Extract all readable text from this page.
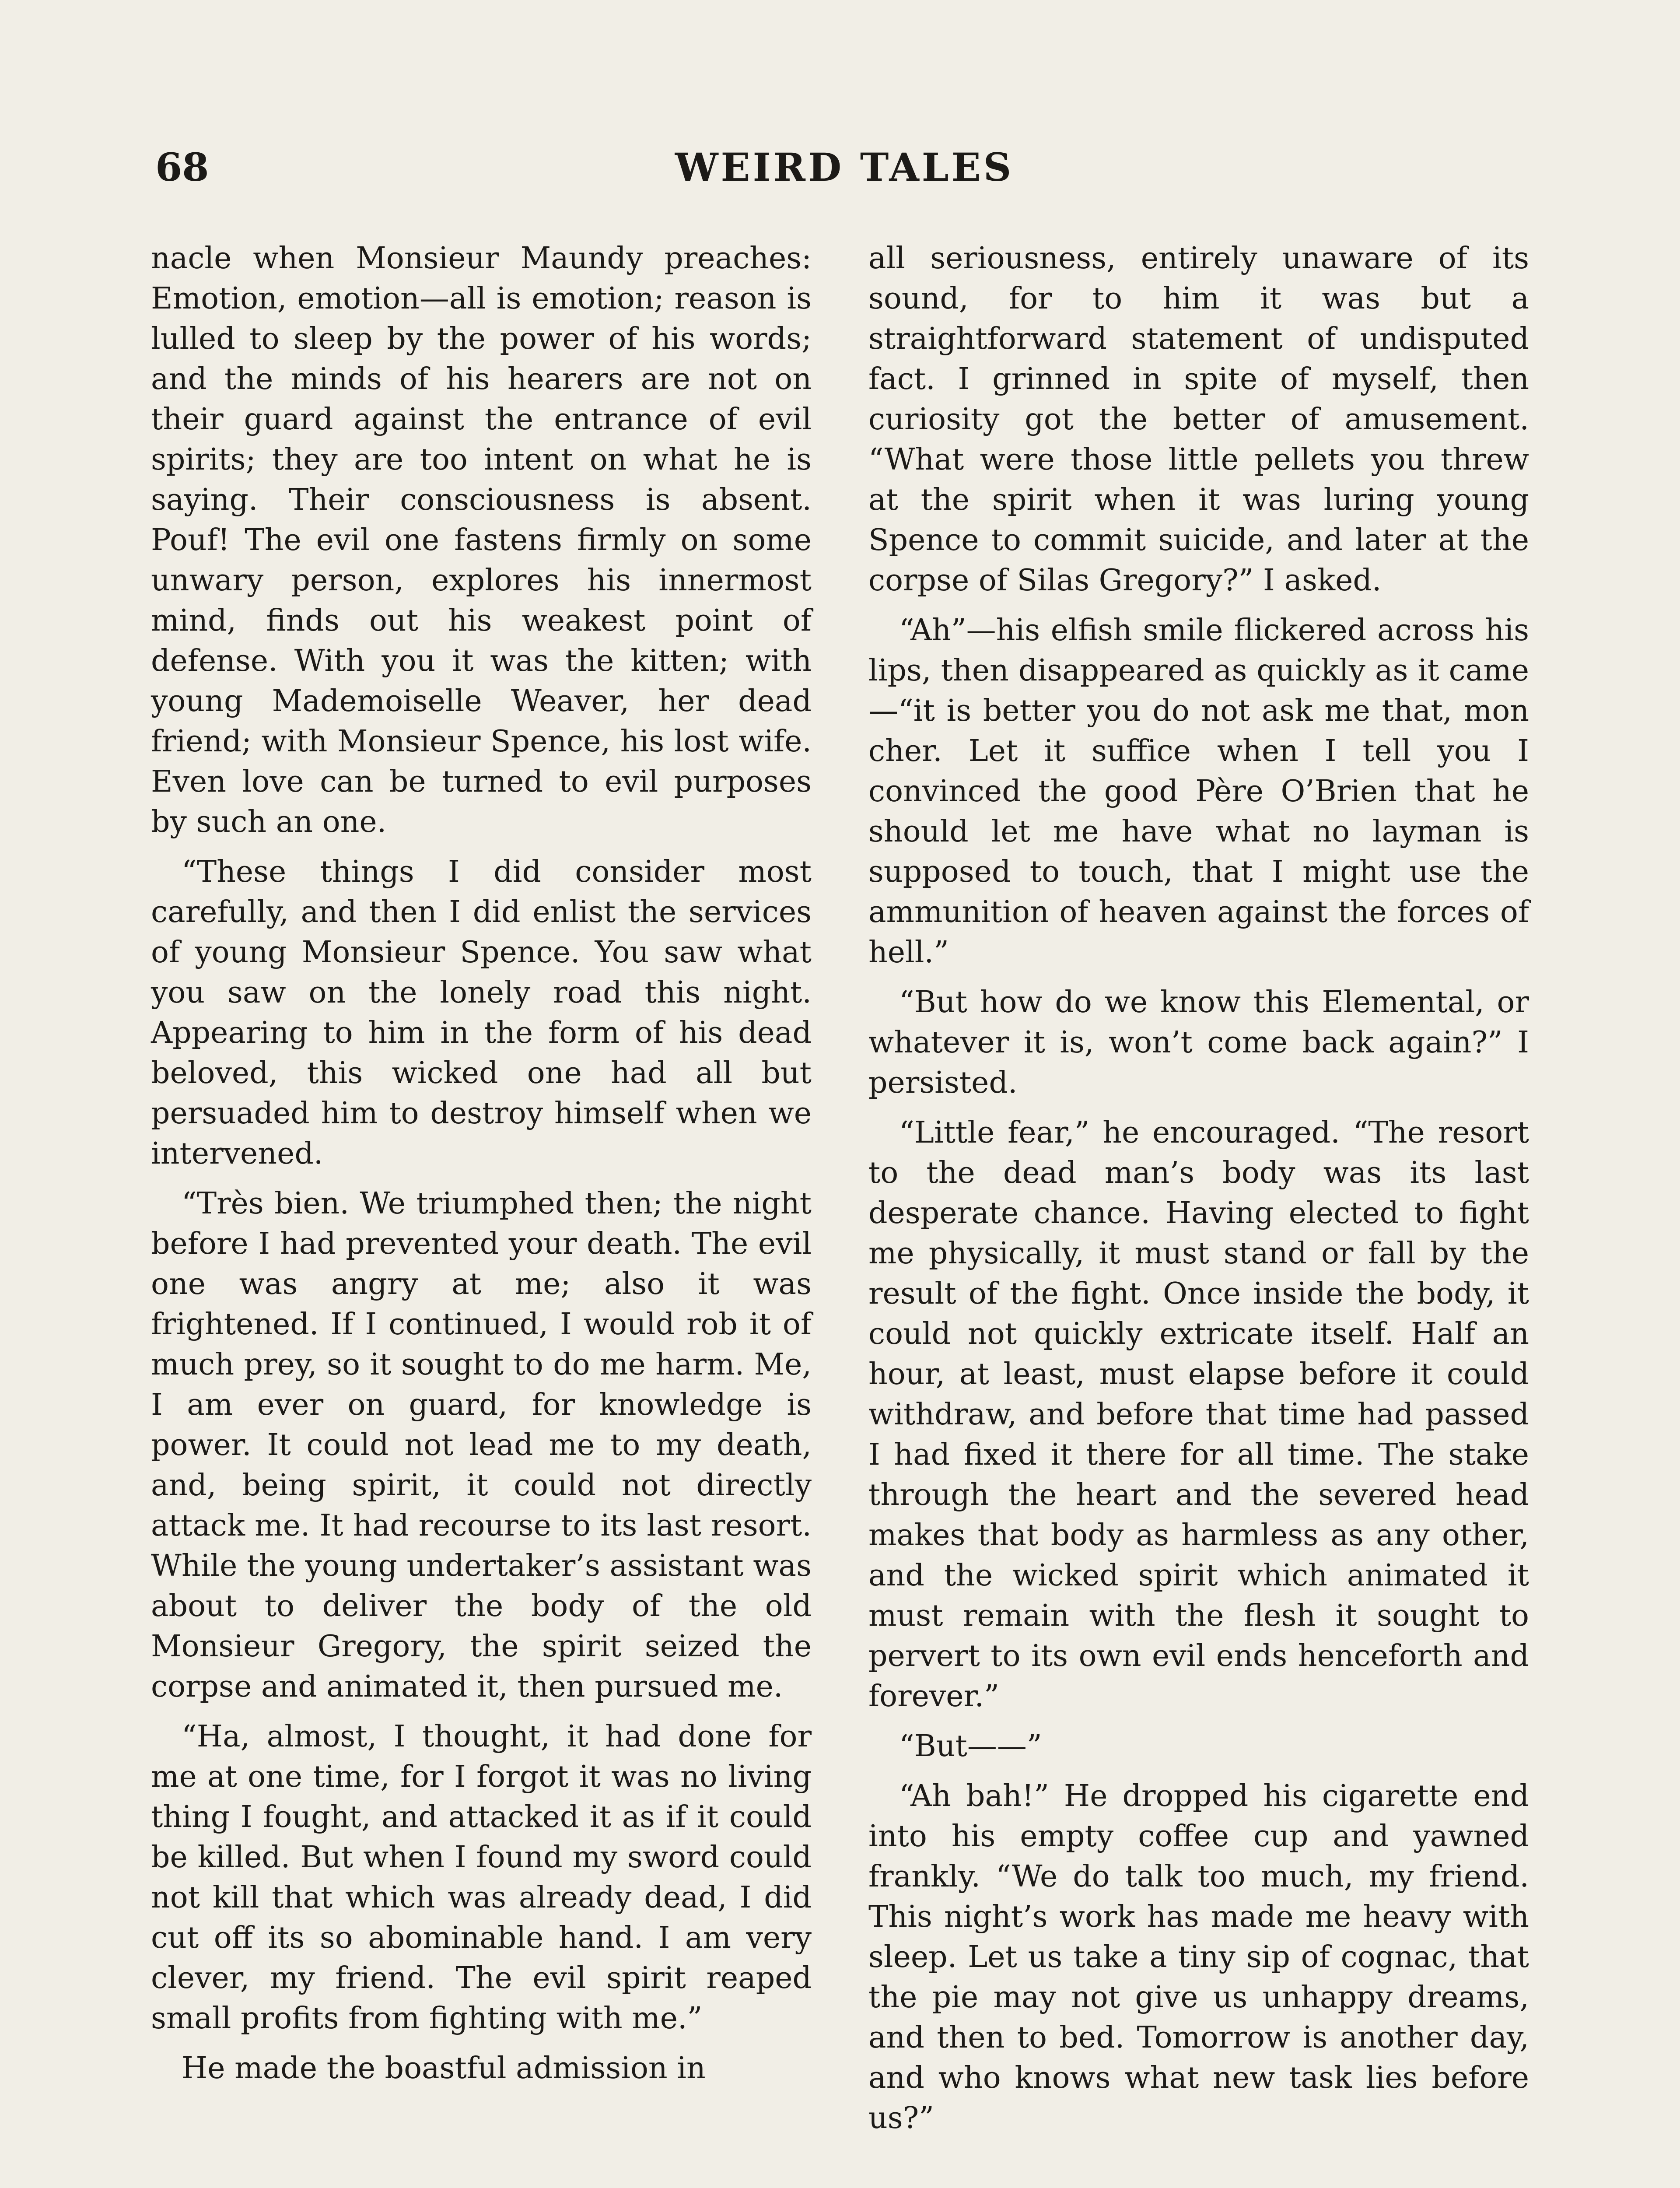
68	WEIRD TALES

nacle when Monsieur Maundy preaches: Emotion, emotion—all is emotion; reason is lulled to sleep by the power of his words; and the minds of his hearers are not on their guard against the entrance of evil spirits; they are too intent on what he is saying. Their consciousness is absent. Pouf! The evil one fastens firmly on some unwary person, explores his innermost mind, finds out his weakest point of defense. With you it was the kitten; with young Mademoiselle Weaver, her dead friend; with Monsieur Spence, his lost wife. Even love can be turned to evil purposes by such an one.

“These things I did consider most carefully, and then I did enlist the services of young Monsieur Spence. You saw what you saw on the lonely road this night. Appearing to him in the form of his dead beloved, this wicked one had all but persuaded him to destroy himself when we intervened.

“Très bien. We triumphed then; the night before I had prevented your death. The evil one was angry at me; also it was frightened. If I continued, I would rob it of much prey, so it sought to do me harm. Me, I am ever on guard, for knowledge is power. It could not lead me to my death, and, being spirit, it could not directly attack me. It had recourse to its last resort. While the young undertaker’s assistant was about to deliver the body of the old Monsieur Gregory, the spirit seized the corpse and animated it, then pursued me.

“Ha, almost, I thought, it had done for me at one time, for I forgot it was no living thing I fought, and attacked it as if it could be killed. But when I found my sword could not kill that which was already dead, I did cut off its so abominable hand. I am very clever, my friend. The evil spirit reaped small profits from fighting with me.”

He made the boastful admission in

all seriousness, entirely unaware of its sound, for to him it was but a straightforward statement of undisputed fact. I grinned in spite of myself, then curiosity got the better of amusement. “What were those little pellets you threw at the spirit when it was luring young Spence to commit suicide, and later at the corpse of Silas Gregory?” I asked.

“Ah”—his elfish smile flickered across his lips, then disappeared as quickly as it came—“it is better you do not ask me that, mon cher. Let it suffice when I tell you I convinced the good Père O’Brien that he should let me have what no layman is supposed to touch, that I might use the ammunition of heaven against the forces of hell.”

“But how do we know this Elemental, or whatever it is, won’t come back again?” I persisted.

“Little fear,” he encouraged. “The resort to the dead man’s body was its last desperate chance. Having elected to fight me physically, it must stand or fall by the result of the fight. Once inside the body, it could not quickly extricate itself. Half an hour, at least, must elapse before it could withdraw, and before that time had passed I had fixed it there for all time. The stake through the heart and the severed head makes that body as harmless as any other, and the wicked spirit which animated it must remain with the flesh it sought to pervert to its own evil ends henceforth and forever.”

“But——”

“Ah bah!” He dropped his cigarette end into his empty coffee cup and yawned frankly. “We do talk too much, my friend. This night’s work has made me heavy with sleep. Let us take a tiny sip of cognac, that the pie may not give us unhappy dreams, and then to bed. Tomorrow is another day, and who knows what new task lies before us?”
